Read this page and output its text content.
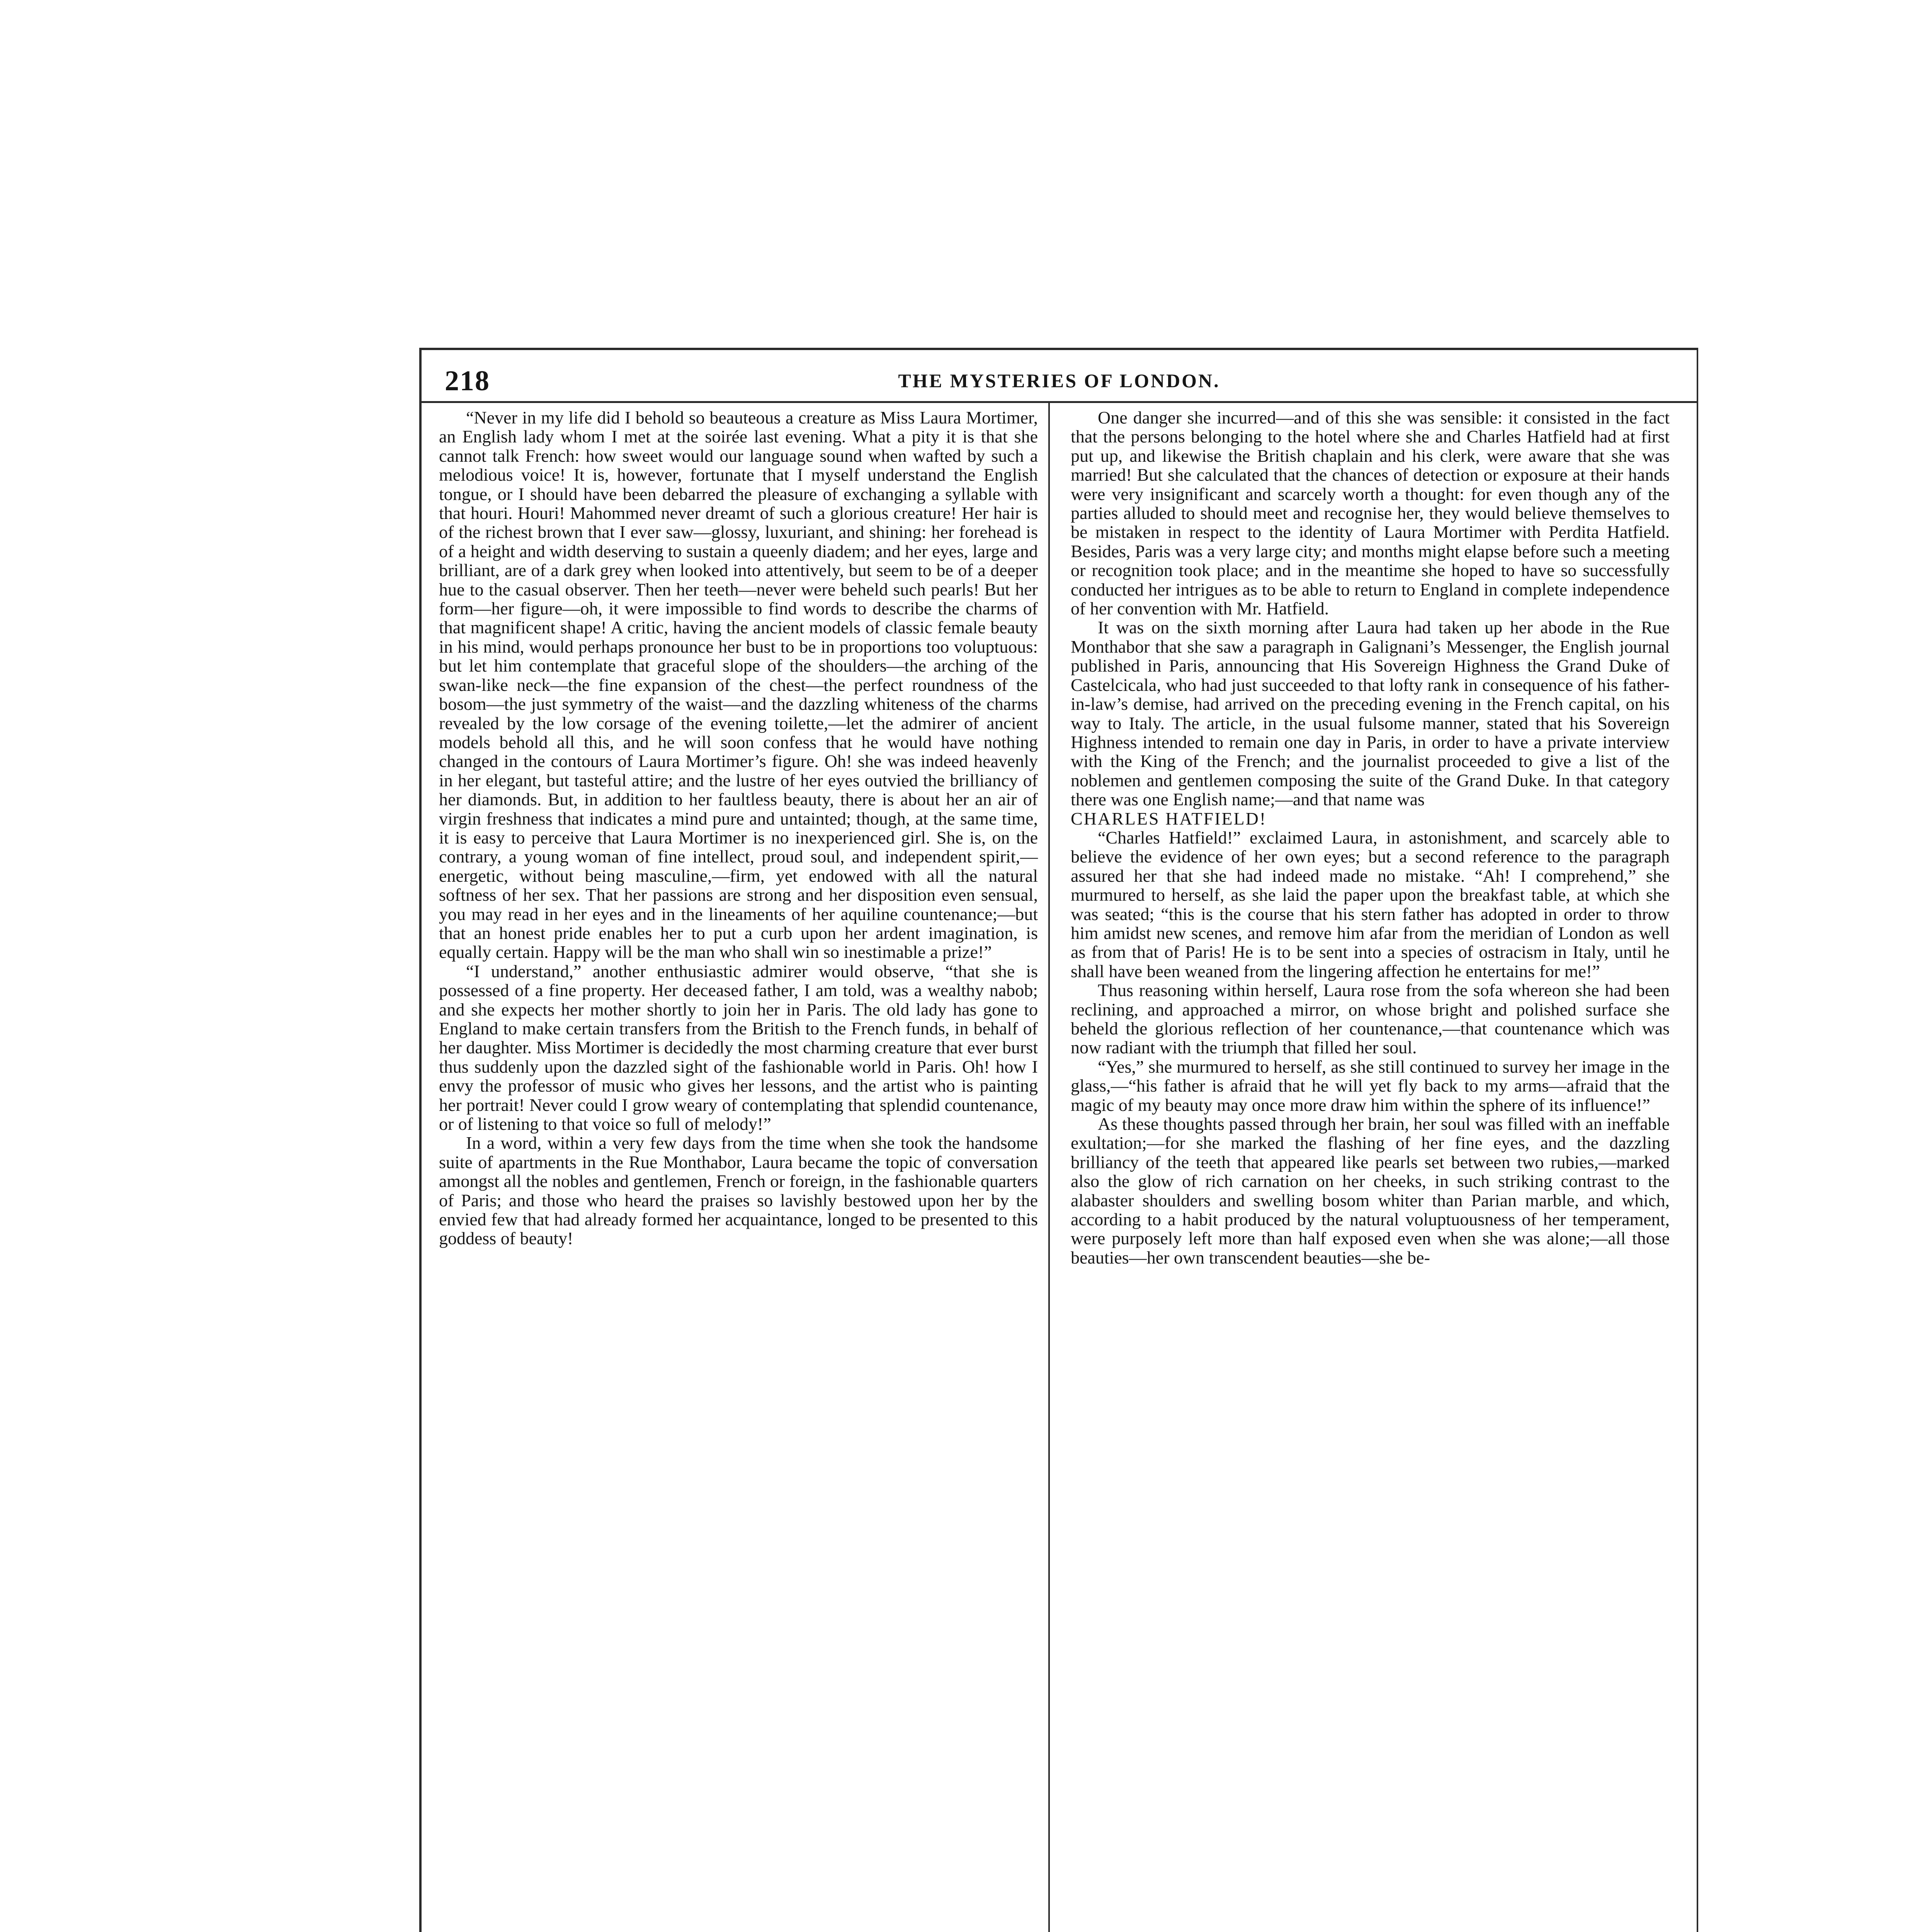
218	THE MYSTERIES OF LONDON.

“Never in my life did I behold so beauteous a creature as Miss Laura Mortimer, an English lady whom I met at the soirée last evening. What a pity it is that she cannot talk French: how sweet would our language sound when wafted by such a melodious voice! It is, however, fortunate that I myself understand the English tongue, or I should have been debarred the pleasure of exchanging a syllable with that houri. Houri! Mahommed never dreamt of such a glorious creature! Her hair is of the richest brown that I ever saw—glossy, luxuriant, and shining: her forehead is of a height and width deserving to sustain a queenly diadem; and her eyes, large and brilliant, are of a dark grey when looked into attentively, but seem to be of a deeper hue to the casual observer. Then her teeth—never were beheld such pearls! But her form—her figure—oh, it were impossible to find words to describe the charms of that magnificent shape! A critic, having the ancient models of classic female beauty in his mind, would perhaps pronounce her bust to be in proportions too voluptuous: but let him contemplate that graceful slope of the shoulders—the arching of the swan-like neck—the fine expansion of the chest—the perfect roundness of the bosom—the just symmetry of the waist—and the dazzling whiteness of the charms revealed by the low corsage of the evening toilette,—let the admirer of ancient models behold all this, and he will soon confess that he would have nothing changed in the contours of Laura Mortimer’s figure. Oh! she was indeed heavenly in her elegant, but tasteful attire; and the lustre of her eyes outvied the brilliancy of her diamonds. But, in addition to her faultless beauty, there is about her an air of virgin freshness that indicates a mind pure and untainted; though, at the same time, it is easy to perceive that Laura Mortimer is no inexperienced girl. She is, on the contrary, a young woman of fine intellect, proud soul, and independent spirit,—energetic, without being masculine,—firm, yet endowed with all the natural softness of her sex. That her passions are strong and her disposition even sensual, you may read in her eyes and in the lineaments of her aquiline countenance;—but that an honest pride enables her to put a curb upon her ardent imagination, is equally certain. Happy will be the man who shall win so inestimable a prize!”

“I understand,” another enthusiastic admirer would observe, “that she is possessed of a fine property. Her deceased father, I am told, was a wealthy nabob; and she expects her mother shortly to join her in Paris. The old lady has gone to England to make certain transfers from the British to the French funds, in behalf of her daughter. Miss Mortimer is decidedly the most charming creature that ever burst thus suddenly upon the dazzled sight of the fashionable world in Paris. Oh! how I envy the professor of music who gives her lessons, and the artist who is painting her portrait! Never could I grow weary of contemplating that splendid countenance, or of listening to that voice so full of melody!”

In a word, within a very few days from the time when she took the handsome suite of apartments in the Rue Monthabor, Laura became the topic of conversation amongst all the nobles and gentlemen, French or foreign, in the fashionable quarters of Paris; and those who heard the praises so lavishly bestowed upon her by the envied few that had already formed her acquaintance, longed to be presented to this goddess of beauty!

One danger she incurred—and of this she was sensible: it consisted in the fact that the persons belonging to the hotel where she and Charles Hatfield had at first put up, and likewise the British chaplain and his clerk, were aware that she was married! But she calculated that the chances of detection or exposure at their hands were very insignificant and scarcely worth a thought: for even though any of the parties alluded to should meet and recognise her, they would believe themselves to be mistaken in respect to the identity of Laura Mortimer with Perdita Hatfield. Besides, Paris was a very large city; and months might elapse before such a meeting or recognition took place; and in the meantime she hoped to have so successfully conducted her intrigues as to be able to return to England in complete independence of her convention with Mr. Hatfield.

It was on the sixth morning after Laura had taken up her abode in the Rue Monthabor that she saw a paragraph in Galignani’s Messenger, the English journal published in Paris, announcing that His Sovereign Highness the Grand Duke of Castelcicala, who had just succeeded to that lofty rank in consequence of his father-in-law’s demise, had arrived on the preceding evening in the French capital, on his way to Italy. The article, in the usual fulsome manner, stated that his Sovereign Highness intended to remain one day in Paris, in order to have a private interview with the King of the French; and the journalist proceeded to give a list of the noblemen and gentlemen composing the suite of the Grand Duke. In that category there was one English name;—and that name was

CHARLES HATFIELD!

“Charles Hatfield!” exclaimed Laura, in astonishment, and scarcely able to believe the evidence of her own eyes; but a second reference to the paragraph assured her that she had indeed made no mistake. “Ah! I comprehend,” she murmured to herself, as she laid the paper upon the breakfast table, at which she was seated; “this is the course that his stern father has adopted in order to throw him amidst new scenes, and remove him afar from the meridian of London as well as from that of Paris! He is to be sent into a species of ostracism in Italy, until he shall have been weaned from the lingering affection he entertains for me!”

Thus reasoning within herself, Laura rose from the sofa whereon she had been reclining, and approached a mirror, on whose bright and polished surface she beheld the glorious reflection of her countenance,—that countenance which was now radiant with the triumph that filled her soul.

“Yes,” she murmured to herself, as she still continued to survey her image in the glass,—“his father is afraid that he will yet fly back to my arms—afraid that the magic of my beauty may once more draw him within the sphere of its influence!”

As these thoughts passed through her brain, her soul was filled with an ineffable exultation;—for she marked the flashing of her fine eyes, and the dazzling brilliancy of the teeth that appeared like pearls set between two rubies,—marked also the glow of rich carnation on her cheeks, in such striking contrast to the alabaster shoulders and swelling bosom whiter than Parian marble, and which, according to a habit produced by the natural voluptuousness of her temperament, were purposely left more than half exposed even when she was alone;—all those beauties—her own transcendent beauties—she be-
